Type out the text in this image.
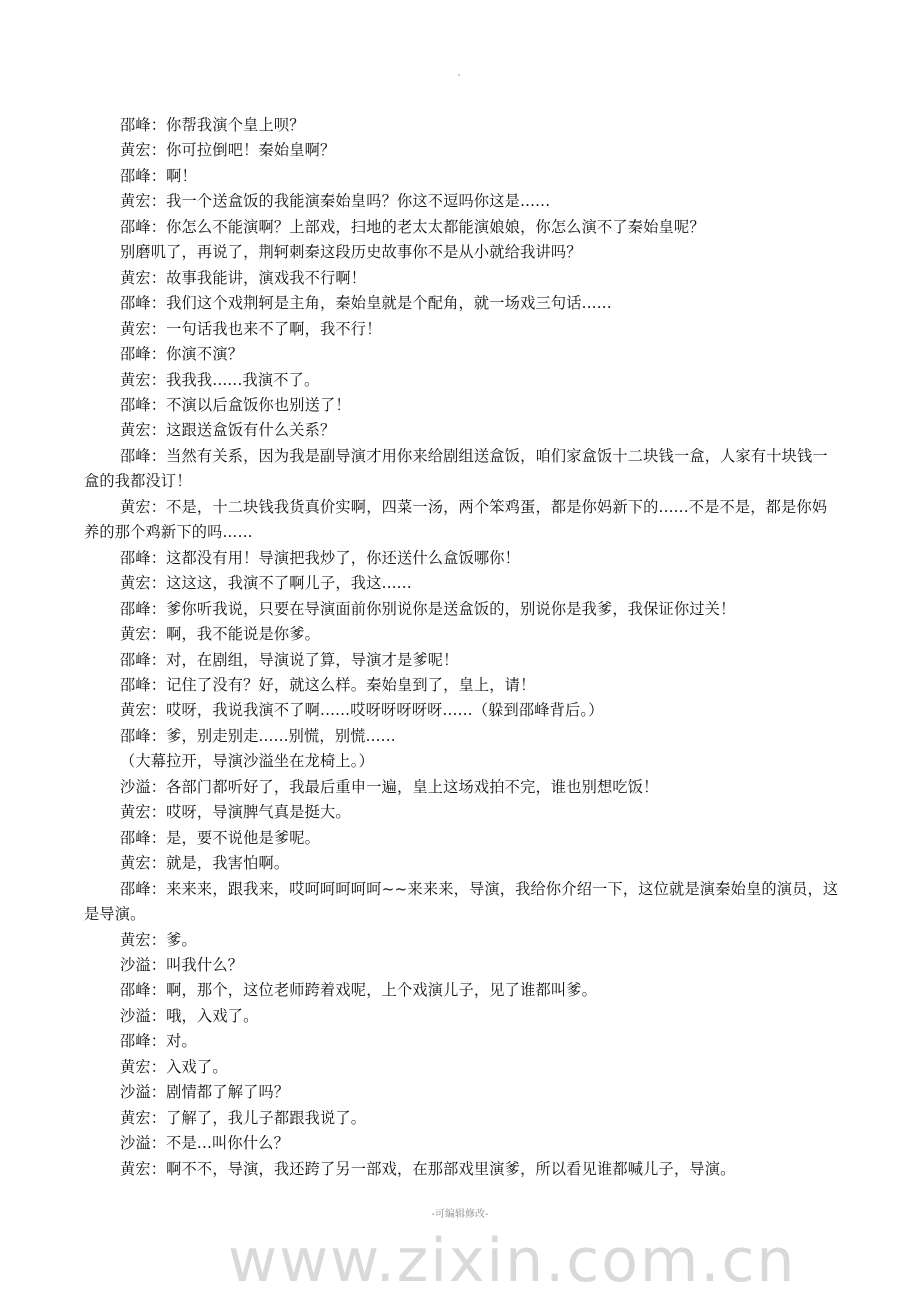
www.zixin.com.cn

邵峰：你帮我演个皇上呗？

黄宏：你可拉倒吧！秦始皇啊？

邵峰：啊！

黄宏：我一个送盒饭的我能演秦始皇吗？你这不逗吗你这是......

邵峰：你怎么不能演啊？上部戏，扫地的老太太都能演娘娘，你怎么演不了秦始皇呢？

别磨叽了，再说了，荆轲刺秦这段历史故事你不是从小就给我讲吗？

黄宏：故事我能讲，演戏我不行啊！

邵峰：我们这个戏荆轲是主角，秦始皇就是个配角，就一场戏三句话......

黄宏：一句话我也来不了啊，我不行！

邵峰：你演不演？

黄宏：我我我......我演不了。

邵峰：不演以后盒饭你也别送了！

黄宏：这跟送盒饭有什么关系？

邵峰：当然有关系，因为我是副导演才用你来给剧组送盒饭，咱们家盒饭十二块钱一盒，人家有十块钱一盒的我都没订！

黄宏：不是，十二块钱我货真价实啊，四菜一汤，两个笨鸡蛋，都是你妈新下的......不是不是，都是你妈养的那个鸡新下的吗......

邵峰：这都没有用！导演把我炒了，你还送什么盒饭哪你！

黄宏：这这这，我演不了啊儿子，我这......

邵峰：爹你听我说，只要在导演面前你别说你是送盒饭的，别说你是我爹，我保证你过关！

黄宏：啊，我不能说是你爹。

邵峰：对，在剧组，导演说了算，导演才是爹呢！

邵峰：记住了没有？好，就这么样。秦始皇到了，皇上，请！

黄宏：哎呀，我说我演不了啊......哎呀呀呀呀呀......（躲到邵峰背后。）

邵峰：爹，别走别走......别慌，别慌......

（大幕拉开，导演沙溢坐在龙椅上。）

沙溢：各部门都听好了，我最后重申一遍，皇上这场戏拍不完，谁也别想吃饭！

黄宏：哎呀，导演脾气真是挺大。

邵峰：是，要不说他是爹呢。

黄宏：就是，我害怕啊。

邵峰：来来来，跟我来，哎呵呵呵呵呵~~来来来，导演，我给你介绍一下，这位就是演秦始皇的演员，这是导演。

黄宏：爹。

沙溢：叫我什么？

邵峰：啊，那个，这位老师跨着戏呢，上个戏演儿子，见了谁都叫爹。

沙溢：哦，入戏了。

邵峰：对。

黄宏：入戏了。

沙溢：剧情都了解了吗？

黄宏：了解了，我儿子都跟我说了。

沙溢：不是...叫你什么？

黄宏：啊不不，导演，我还跨了另一部戏，在那部戏里演爹，所以看见谁都喊儿子，导演。

-可编辑修改-
